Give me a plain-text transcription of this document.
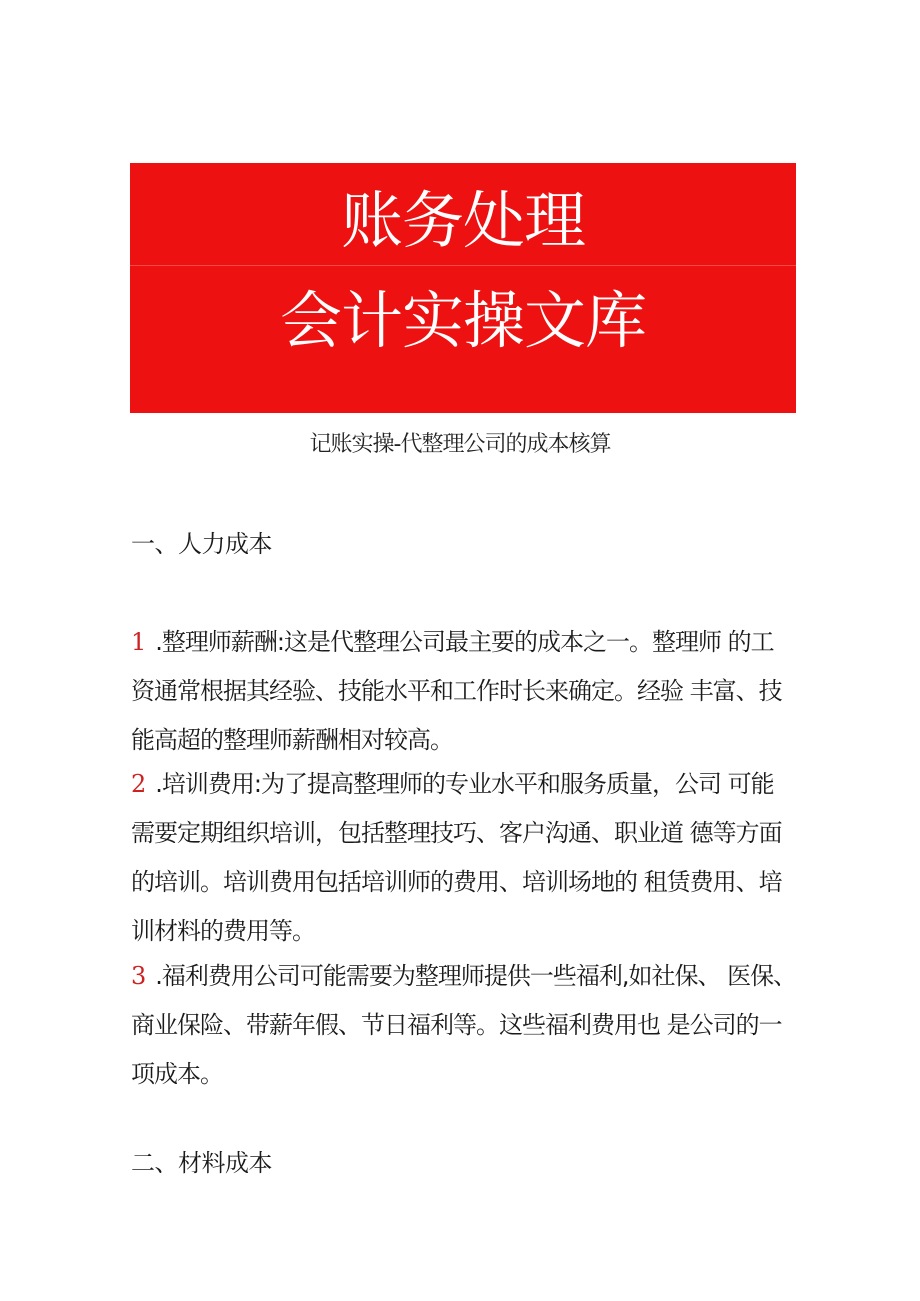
账务处理
会计实操文库
记账实操-代整理公司的成本核算
一、人力成本
1 .整理师薪酬:这是代整理公司最主要的成本之一。整理师 的工
资通常根据其经验、技能水平和工作时长来确定。经验 丰富、技
能高超的整理师薪酬相对较高。
2 .培训费用:为了提高整理师的专业水平和服务质量，公司 可能
需要定期组织培训，包括整理技巧、客户沟通、职业道 德等方面
的培训。培训费用包括培训师的费用、培训场地的 租赁费用、培
训材料的费用等。
3 .福利费用公司可能需要为整理师提供一些福利,如社保、 医保、
商业保险、带薪年假、节日福利等。这些福利费用也 是公司的一
项成本。
二、材料成本
